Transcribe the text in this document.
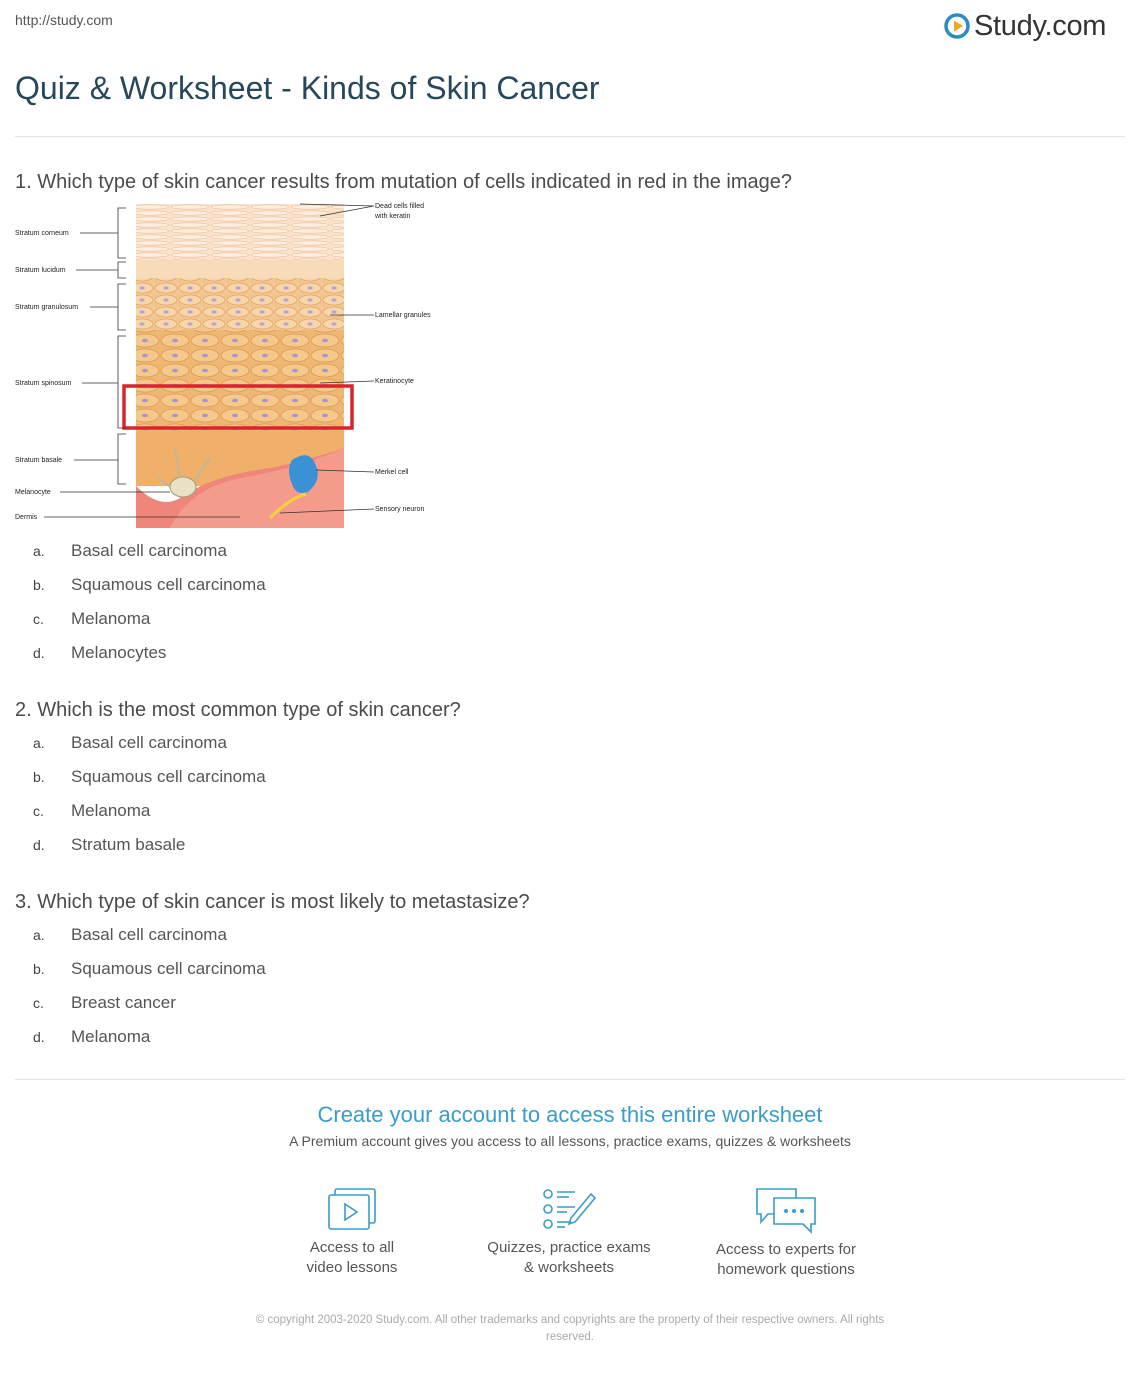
http://study.com	Study.com
Quiz & Worksheet - Kinds of Skin Cancer
1. Which type of skin cancer results from mutation of cells indicated in red in the image?
Stratum corneum
Stratum lucidum
Stratum granulosum
Stratum spinosum
Stratum basale
Melanocyte
Dermis
Dead cells filled
with keratin
Lamellar granules
Keratinocyte
Merkel cell
Sensory neuron
a.	Basal cell carcinoma
b.	Squamous cell carcinoma
c.	Melanoma
d.	Melanocytes
2. Which is the most common type of skin cancer?
a.	Basal cell carcinoma
b.	Squamous cell carcinoma
c.	Melanoma
d.	Stratum basale
3. Which type of skin cancer is most likely to metastasize?
a.	Basal cell carcinoma
b.	Squamous cell carcinoma
c.	Breast cancer
d.	Melanoma
Create your account to access this entire worksheet
A Premium account gives you access to all lessons, practice exams, quizzes & worksheets
Access to all
video lessons
Quizzes, practice exams
& worksheets
Access to experts for
homework questions
© copyright 2003-2020 Study.com. All other trademarks and copyrights are the property of their respective owners. All rights
reserved.
